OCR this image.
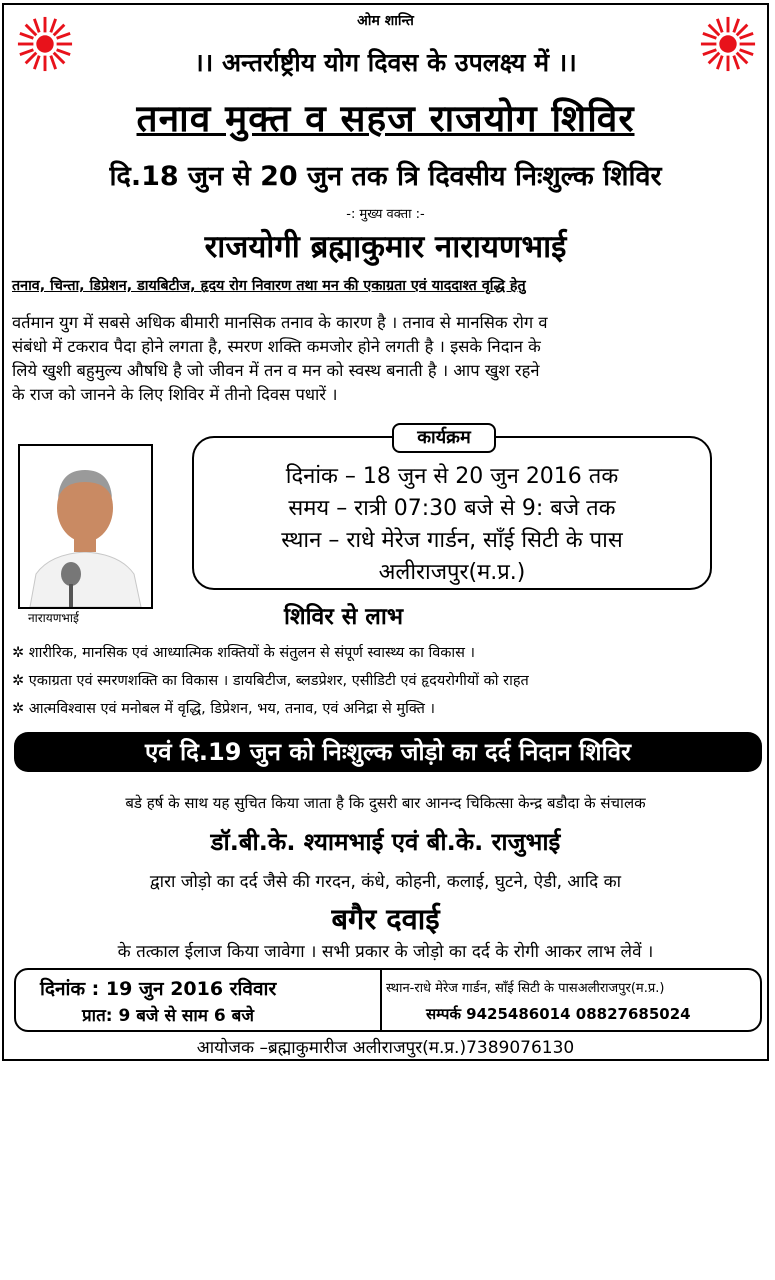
ओम शान्ति
।। अन्तर्राष्ट्रीय योग दिवस के उपलक्ष्य में ।।
तनाव मुक्त व सहज राजयोग शिविर
दि.18 जुन से 20 जुन तक त्रि दिवसीय निःशुल्क शिविर
-: मुख्य वक्ता :-
राजयोगी ब्रह्माकुमार नारायणभाई
तनाव, चिन्ता, डिप्रेशन, डायबिटीज, हृदय रोग निवारण तथा मन की एकाग्रता एवं याददाश्त वृद्धि हेतु
वर्तमान युग में सबसे अधिक बीमारी मानसिक तनाव के कारण है । तनाव से मानसिक रोग व
संबंधो में टकराव पैदा होने लगता है, स्मरण शक्ति कमजोर होने लगती है । इसके निदान के
लिये खुशी बहुमुल्य औषधि है जो जीवन में तन व मन को स्वस्थ बनाती है । आप खुश रहने
के राज को जानने के लिए शिविर में तीनो दिवस पधारें ।
नारायणभाई
दिनांक – 18 जुन से 20 जुन 2016 तक
समय – रात्री 07:30 बजे से 9: बजे तक
स्थान – राधे मेरेज गार्डन, साँई सिटी के पास
अलीराजपुर(म.प्र.)
कार्यक्रम
शिविर से लाभ
✲ शारीरिक, मानसिक एवं आध्यात्मिक शक्तियों के संतुलन से संपूर्ण स्वास्थ्य का विकास ।
✲ एकाग्रता एवं स्मरणशक्ति का विकास । डायबिटीज, ब्लडप्रेशर, एसीडिटी एवं हृदयरोगीयों को राहत
✲ आत्मविश्वास एवं मनोबल में वृद्धि, डिप्रेशन, भय, तनाव, एवं अनिद्रा से मुक्ति ।
एवं दि.19 जुन को निःशुल्क जोड़ो का दर्द निदान शिविर
बडे हर्ष के साथ यह सुचित किया जाता है कि दुसरी बार आनन्द चिकित्सा केन्द्र बडौदा के संचालक
डॉ.बी.के. श्यामभाई एवं बी.के. राजुभाई
द्वारा जोड़ो का दर्द जैसे की गरदन, कंधे, कोहनी, कलाई, घुटने, ऐडी, आदि का
बगैर दवाई
के तत्काल ईलाज किया जावेगा । सभी प्रकार के जोड़ो का दर्द के रोगी आकर लाभ लेवें ।
दिनांक : 19 जुन 2016 रविवार
प्रात: 9 बजे से साम 6 बजे
स्थान-राधे मेरेज गार्डन, साँई सिटी के पासअलीराजपुर(म.प्र.)
सम्पर्क 9425486014 08827685024
आयोजक –ब्रह्माकुमारीज अलीराजपुर(म.प्र.)7389076130
